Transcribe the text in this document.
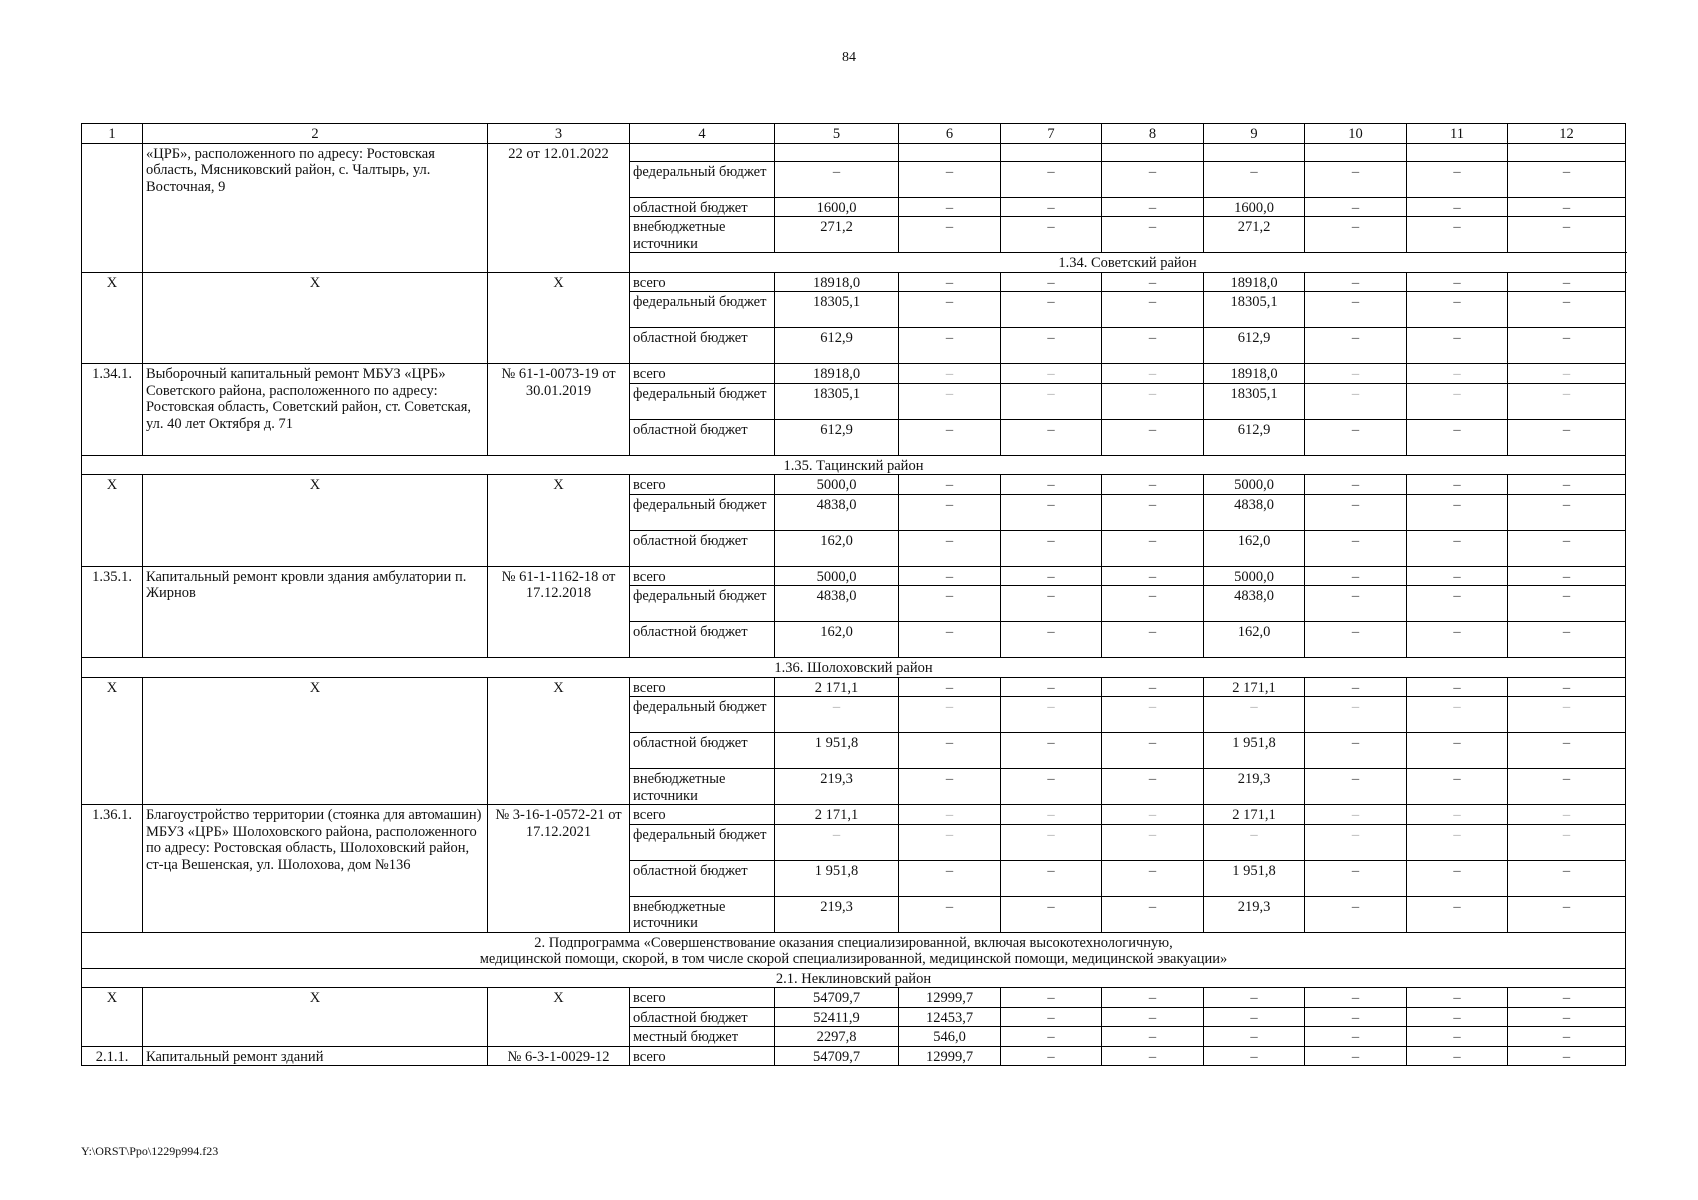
84
1	2	3	4	5	6	7	8	9	10	11	12
	«ЦРБ», расположенного по адресу: Ростовская область, Мясниковский район, с. Чалтырь, ул. Восточная, 9	22 от 12.01.2022									
			федеральный бюджет	–	–	–	–	–	–	–	–
			областной бюджет	1600,0	–	–	–	1600,0	–	–	–
			внебюджетные источники	271,2	–	–	–	271,2	–	–	–
			1.34. Советский район								
Х	Х	Х	всего	18918,0	–	–	–	18918,0	–	–	–
			федеральный бюджет	18305,1	–	–	–	18305,1	–	–	–
			областной бюджет	612,9	–	–	–	612,9	–	–	–
1.34.1.	Выборочный капитальный ремонт МБУЗ «ЦРБ» Советского района, расположенного по адресу: Ростовская область, Советский район, ст. Советская, ул. 40 лет Октября д. 71	№ 61-1-0073-19 от 30.01.2019	всего	18918,0	–	–	–	18918,0	–	–	–
			федеральный бюджет	18305,1	–	–	–	18305,1	–	–	–
			областной бюджет	612,9	–	–	–	612,9	–	–	–
1.35. Тацинский район											
Х	Х	Х	всего	5000,0	–	–	–	5000,0	–	–	–
			федеральный бюджет	4838,0	–	–	–	4838,0	–	–	–
			областной бюджет	162,0	–	–	–	162,0	–	–	–
1.35.1.	Капитальный ремонт кровли здания амбулатории п. Жирнов	№ 61-1-1162-18 от 17.12.2018	всего	5000,0	–	–	–	5000,0	–	–	–
			федеральный бюджет	4838,0	–	–	–	4838,0	–	–	–
			областной бюджет	162,0	–	–	–	162,0	–	–	–
1.36. Шолоховский район											
Х	Х	Х	всего	2 171,1	–	–	–	2 171,1	–	–	–
			федеральный бюджет	–	–	–	–	–	–	–	–
			областной бюджет	1 951,8	–	–	–	1 951,8	–	–	–
			внебюджетные источники	219,3	–	–	–	219,3	–	–	–
1.36.1.	Благоустройство территории (стоянка для автомашин) МБУЗ «ЦРБ» Шолоховского района, расположенного по адресу: Ростовская область, Шолоховский район, ст-ца Вешенская, ул. Шолохова, дом №136	№ 3-16-1-0572-21 от 17.12.2021	всего	2 171,1	–	–	–	2 171,1	–	–	–
			федеральный бюджет	–	–	–	–	–	–	–	–
			областной бюджет	1 951,8	–	–	–	1 951,8	–	–	–
			внебюджетные источники	219,3	–	–	–	219,3	–	–	–

2. Подпрограмма «Совершенствование оказания специализированной, включая высокотехнологичную,
медицинской помощи, скорой, в том числе скорой специализированной, медицинской помощи, медицинской эвакуации»											

2.1. Неклиновский район											
Х	Х	Х	всего	54709,7	12999,7	–	–	–	–	–	–
			областной бюджет	52411,9	12453,7	–	–	–	–	–	–
			местный бюджет	2297,8	546,0	–	–	–	–	–	–
2.1.1.	Капитальный ремонт зданий	№ 6-3-1-0029-12	всего	54709,7	12999,7	–	–	–	–	–	–
Y:\ORST\Ppo\1229p994.f23
